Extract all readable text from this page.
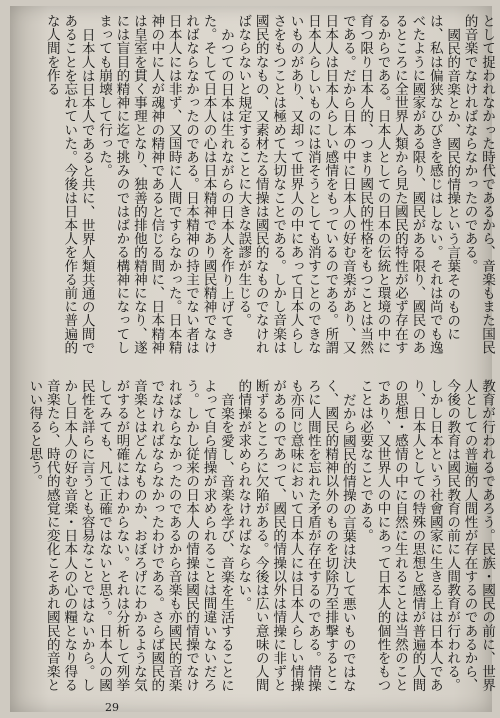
として捉われなかった時代であるから、音楽もまた国民的音楽でなければならなかったのである。

國民的音楽とか、國民的情操という言葉そのものには、私は偏狭なひびきを感じはしない。それは尚でも逸べたように國家がある限り、國民がある限り、國民のあるところに全世界人類から見た國民的特性が必ず存在するからである。日本人としての日本の伝統と環境の中に育つ限り日本人的、つまり國民的性格をもつことは当然である。だから日本の中に日本人の好む音楽があり、又日本人は日本人らしい感情をもっているのである。所謂日本人らしいものには消そうとしても消すことのできないものがあり、又却って世界人の中にあって日本人らしさをもつことは極めて大切なことである。しかし音楽は國民的なもの、又素材たる情操は國民的なものでなければならないと規定することに大きな誤謬が生じる。

かつての日本は生れながらの日本人を作り上げてきた。そして日本人の心は日本精神であり國民精神でなければならなかったのである。日本精神の持主でない者は日本人には非ず、又国時に人間ですらなかった。日本精神の中に人が魂神の精神であると信じる間に、日本精神は皇室を貫く事理となり、独善的排他的精神になり、遂には盲目的精神に迄で挑みのではばかる構神になってしまっても崩壊して行った。

日本人は日本人であると共に、世界人類共通の人間であることを忘れていた。今後は日本人を作る前に普遍的な人間を作る

教育が行われるであろう。民族・國民の前に、世界人としての普遍的人間性が存在するのであるから、今後の教育は國民教育の前に人間教育が行われる。しかし日本という社會國家に生きる上は日本人であり、日本人としての特殊の思想と感情が普遍的人間の思想・感情の中に自然に生れることは当然のことであり、又世界人の中にあって日本人的個性をもつことは必要なことである。

だから國民的情操の言葉は決して悪いものではなく、國民的精神以外のものを切除乃至排撃するところに人間性を忘れた矛盾が存在するのである。情操も亦同じ意味において日本人には日本人らしい情操があるのであって、國民的情操以外は情操に非ずと断ずるところに欠陥がある。今後は広い意味の人間的情操が求められなければならない。

音楽を愛し、音楽を学び、音楽を生活することによって自ら情操が求められることは間違いないだろう。しかし従来の日本人の情操は國民的情操でなければならなかったのであるから音楽も亦國民的音楽でなければならなかったわけである。さらば國民的音楽とはどんなものか、おぼろげにわかるような気がするが明確にはわからない。それは分析して列挙してみても、凡て正確ではないと思う。日本人の國民性を詳らに言うとも容易なことではないから。しかし日本人の好む音楽・日本人の心の糧となり得る音楽たら、時代的感覚に変化こそあれ國民的音楽といい得ると思う。

29
